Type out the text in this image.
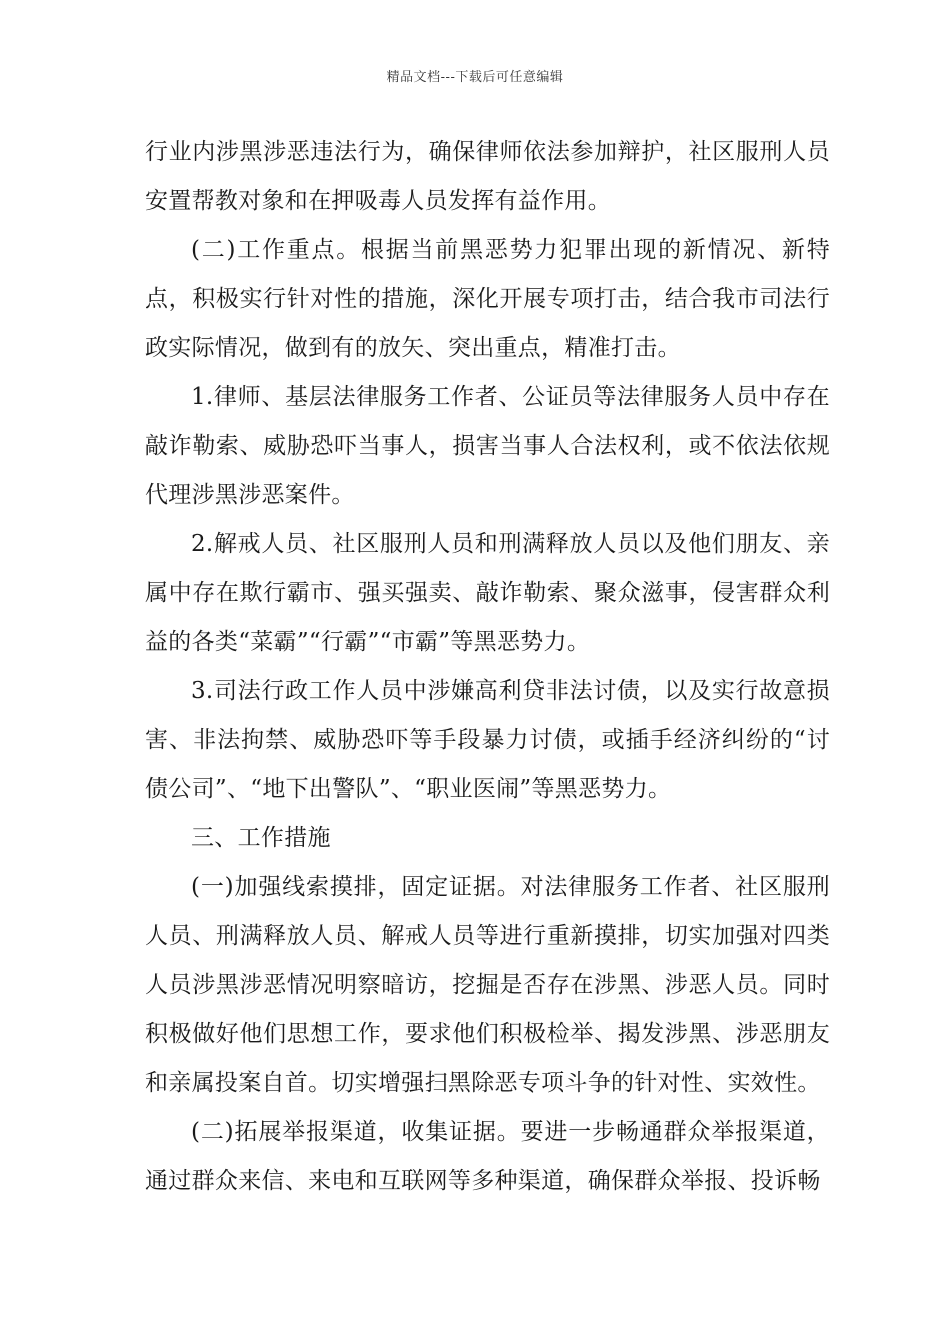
精品文档---下载后可任意编辑

行业内涉黑涉恶违法行为，确保律师依法参加辩护，社区服刑人员安置帮教对象和在押吸毒人员发挥有益作用。

(二)工作重点。根据当前黑恶势力犯罪出现的新情况、新特点，积极实行针对性的措施，深化开展专项打击，结合我市司法行政实际情况，做到有的放矢、突出重点，精准打击。

1.律师、基层法律服务工作者、公证员等法律服务人员中存在敲诈勒索、威胁恐吓当事人，损害当事人合法权利，或不依法依规代理涉黑涉恶案件。

2.解戒人员、社区服刑人员和刑满释放人员以及他们朋友、亲属中存在欺行霸市、强买强卖、敲诈勒索、聚众滋事，侵害群众利益的各类“菜霸”“行霸”“市霸”等黑恶势力。

3.司法行政工作人员中涉嫌高利贷非法讨债，以及实行故意损害、非法拘禁、威胁恐吓等手段暴力讨债，或插手经济纠纷的“讨债公司”、“地下出警队”、“职业医闹”等黑恶势力。

三、工作措施

(一)加强线索摸排，固定证据。对法律服务工作者、社区服刑人员、刑满释放人员、解戒人员等进行重新摸排，切实加强对四类人员涉黑涉恶情况明察暗访，挖掘是否存在涉黑、涉恶人员。同时积极做好他们思想工作，要求他们积极检举、揭发涉黑、涉恶朋友和亲属投案自首。切实增强扫黑除恶专项斗争的针对性、实效性。

(二)拓展举报渠道，收集证据。要进一步畅通群众举报渠道，通过群众来信、来电和互联网等多种渠道，确保群众举报、投诉畅
